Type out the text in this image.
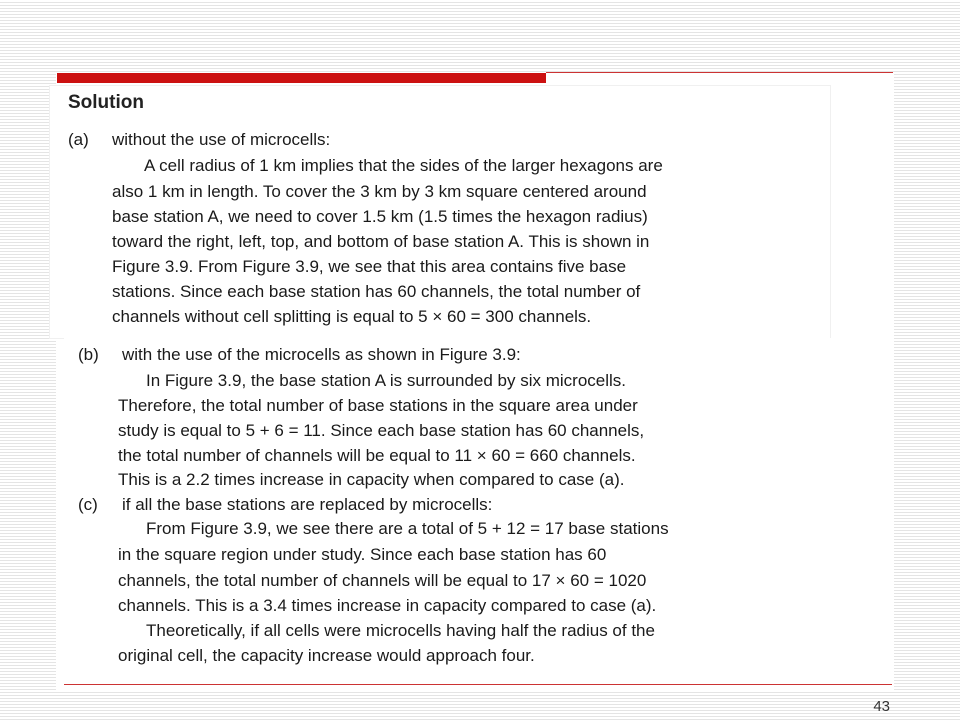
Solution
(a)	without the use of microcells:
A cell radius of 1 km implies that the sides of the larger hexagons are
also 1 km in length. To cover the 3 km by 3 km square centered around
base station A, we need to cover 1.5 km (1.5 times the hexagon radius)
toward the right, left, top, and bottom of base station A. This is shown in
Figure 3.9. From Figure 3.9, we see that this area contains five base
stations. Since each base station has 60 channels, the total number of
channels without cell splitting is equal to 5 × 60 = 300 channels.
(b)	with the use of the microcells as shown in Figure 3.9:
In Figure 3.9, the base station A is surrounded by six microcells.
Therefore, the total number of base stations in the square area under
study is equal to 5 + 6 = 11. Since each base station has 60 channels,
the total number of channels will be equal to 11 × 60 = 660 channels.
This is a 2.2 times increase in capacity when compared to case (a).
(c)	if all the base stations are replaced by microcells:
From Figure 3.9, we see there are a total of 5 + 12 = 17 base stations
in the square region under study. Since each base station has 60
channels, the total number of channels will be equal to 17 × 60 = 1020
channels. This is a 3.4 times increase in capacity compared to case (a).
Theoretically, if all cells were microcells having half the radius of the
original cell, the capacity increase would approach four.
43
